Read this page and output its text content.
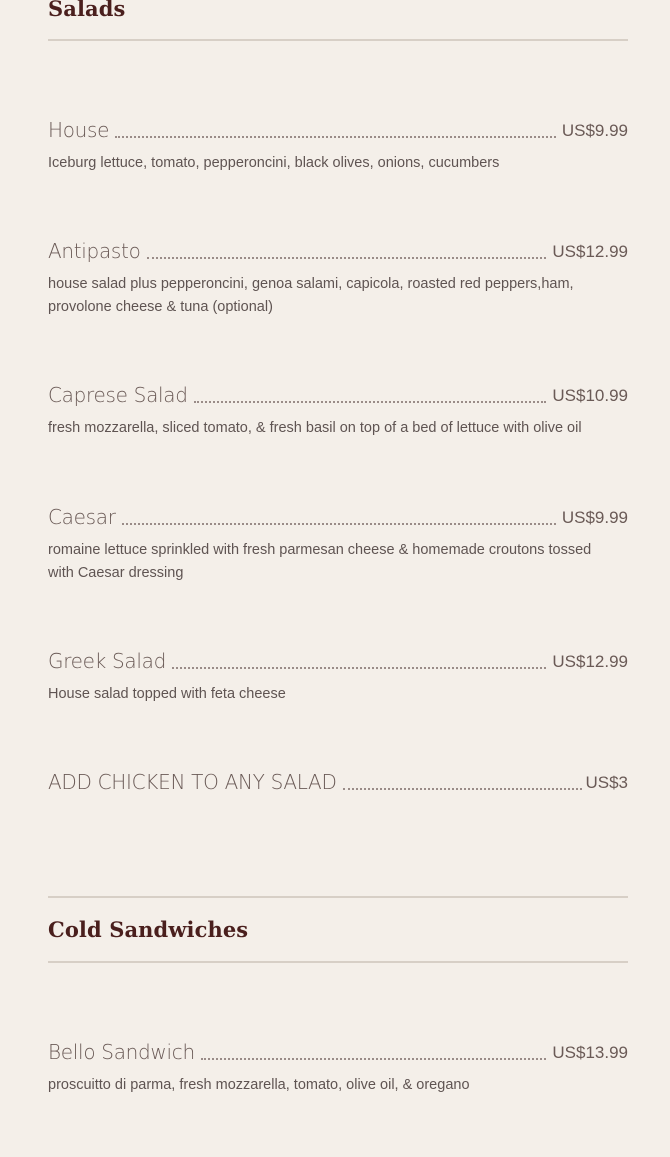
Salads
House	US$9.99
Iceburg lettuce, tomato, pepperoncini, black olives, onions, cucumbers
Antipasto	US$12.99
house salad plus pepperoncini, genoa salami, capicola, roasted red peppers,ham, provolone cheese & tuna (optional)
Caprese Salad	US$10.99
fresh mozzarella, sliced tomato, & fresh basil on top of a bed of lettuce with olive oil
Caesar	US$9.99
romaine lettuce sprinkled with fresh parmesan cheese & homemade croutons tossed with Caesar dressing
Greek Salad	US$12.99
House salad topped with feta cheese
ADD CHICKEN TO ANY SALAD	US$3
Cold Sandwiches
Bello Sandwich	US$13.99
proscuitto di parma, fresh mozzarella, tomato, olive oil, & oregano
